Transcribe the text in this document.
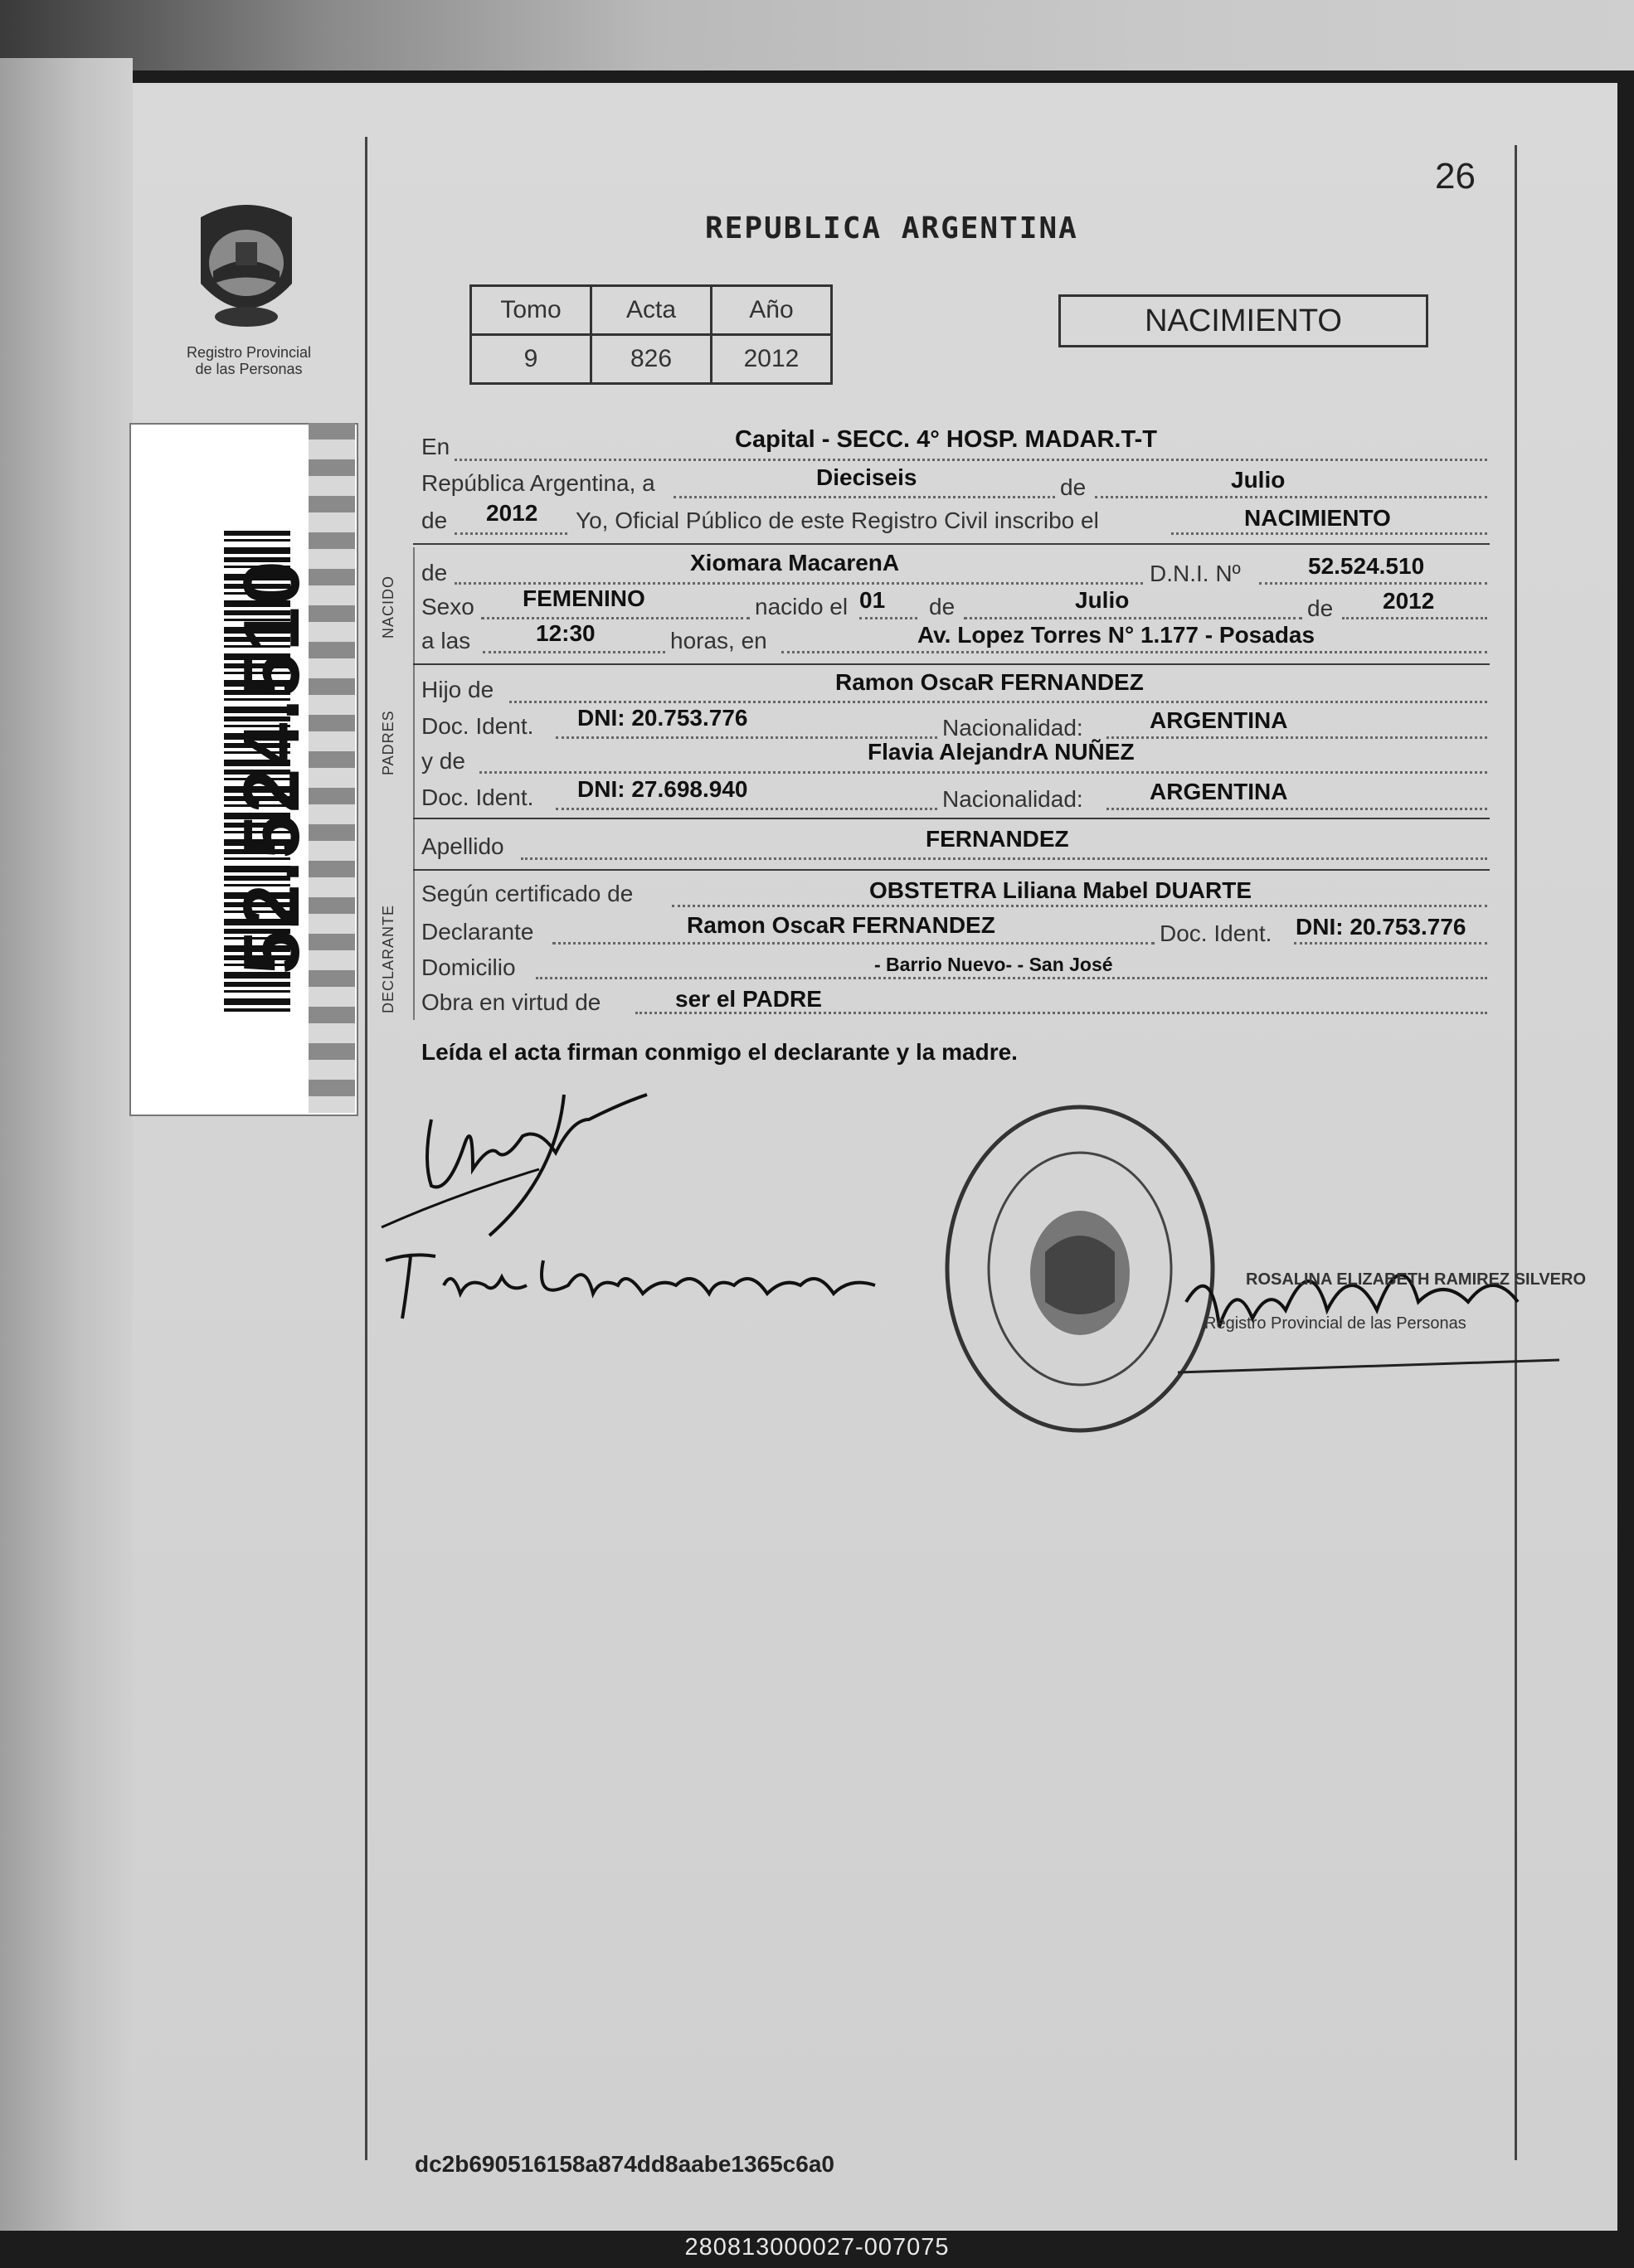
Registro Provincial
de las Personas
52.524.510
26
REPUBLICA ARGENTINA
Tomo	Acta	Año
9	826	2012
NACIMIENTO
En	Capital - SECC. 4° HOSP. MADAR.T-T
República Argentina, a	Dieciseis	de	Julio
de 2012 Yo, Oficial Público de este Registro Civil inscribo el	NACIMIENTO
NACIDO
de	Xiomara MacarenA	D.N.I. Nº	52.524.510
Sexo FEMENINO	nacido el 01 de	Julio	de 2012
a las	12:30	horas, en	Av. Lopez Torres N° 1.177 - Posadas
PADRES
Hijo de	Ramon OscaR FERNANDEZ
Doc. Ident. DNI: 20.753.776	Nacionalidad:	ARGENTINA
y de	Flavia AlejandrA NUÑEZ
Doc. Ident. DNI: 27.698.940	Nacionalidad:	ARGENTINA
Apellido	FERNANDEZ
DECLARANTE
Según certificado de	OBSTETRA Liliana Mabel DUARTE
Declarante	Ramon OscaR FERNANDEZ	Doc. Ident. DNI: 20.753.776
Domicilio	- Barrio Nuevo- - San José
Obra en virtud de	ser el PADRE
Leída el acta firman conmigo el declarante y la madre.
ROSALINA ELIZABETH RAMIREZ SILVERO
Registro Provincial de las Personas
dc2b690516158a874dd8aabe1365c6a0
280813000027-007075
